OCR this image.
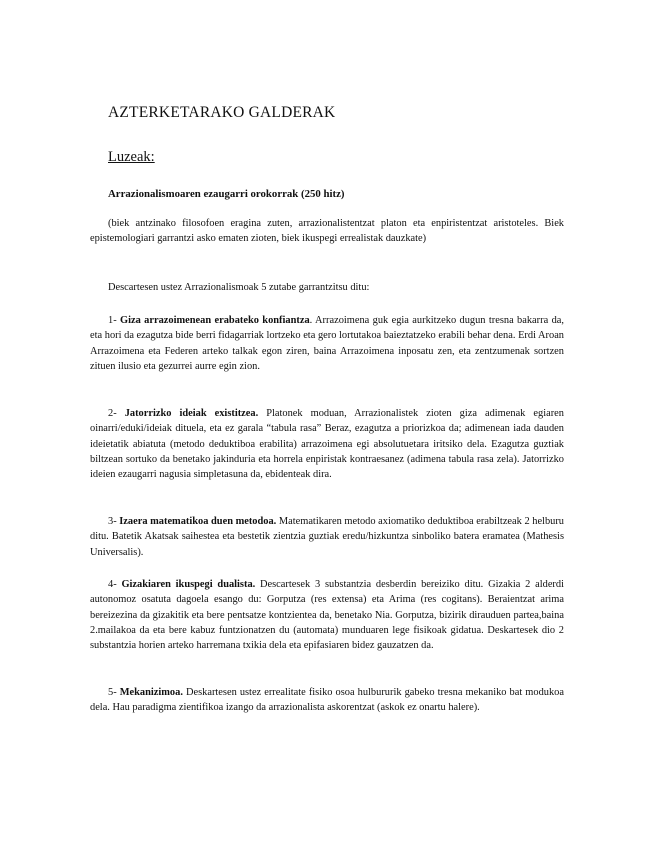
AZTERKETARAKO GALDERAK

Luzeak:

Arrazionalismoaren ezaugarri orokorrak (250 hitz)

(biek antzinako filosofoen eragina zuten, arrazionalistentzat platon eta enpiristentzat aristoteles. Biek epistemologiari garrantzi asko ematen zioten, biek ikuspegi errealistak dauzkate)

Descartesen ustez Arrazionalismoak 5 zutabe garrantzitsu ditu:

1- Giza arrazoimenean erabateko konfiantza. Arrazoimena guk egia aurkitzeko dugun tresna bakarra da, eta hori da ezagutza bide berri fidagarriak lortzeko eta gero lortutakoa baieztatzeko erabili behar dena. Erdi Aroan Arrazoimena eta Federen arteko talkak egon ziren, baina Arrazoimena inposatu zen, eta zentzumenak sortzen zituen ilusio eta gezurrei aurre egin zion.

2- Jatorrizko ideiak existitzea. Platonek moduan, Arrazionalistek zioten giza adimenak egiaren oinarri/eduki/ideiak dituela, eta ez garala “tabula rasa” Beraz, ezagutza a priorizkoa da; adimenean iada dauden ideietatik abiatuta (metodo deduktiboa erabilita) arrazoimena egi absolutuetara iritsiko dela. Ezagutza guztiak biltzean sortuko da benetako jakinduria eta horrela enpiristak kontraesanez (adimena tabula rasa zela). Jatorrizko ideien ezaugarri nagusia simpletasuna da, ebidenteak dira.

3- Izaera matematikoa duen metodoa. Matematikaren metodo axiomatiko deduktiboa erabiltzeak 2 helburu ditu. Batetik Akatsak saihestea eta bestetik zientzia guztiak eredu/hizkuntza sinboliko batera eramatea (Mathesis Universalis).

4- Gizakiaren ikuspegi dualista. Descartesek 3 substantzia desberdin bereiziko ditu. Gizakia 2 alderdi autonomoz osatuta dagoela esango du: Gorputza (res extensa) eta Arima (res cogitans). Beraientzat arima bereizezina da gizakitik eta bere pentsatze kontzientea da, benetako Nia. Gorputza, bizirik dirauduen partea,baina 2.mailakoa da eta bere kabuz funtzionatzen du (automata) munduaren lege fisikoak gidatua. Deskartesek dio 2 substantzia horien arteko harremana txikia dela eta epifasiaren bidez gauzatzen da.

5- Mekanizimoa. Deskartesen ustez errealitate fisiko osoa hulbururik gabeko tresna mekaniko bat modukoa dela. Hau paradigma zientifikoa izango da arrazionalista askorentzat (askok ez onartu halere).
